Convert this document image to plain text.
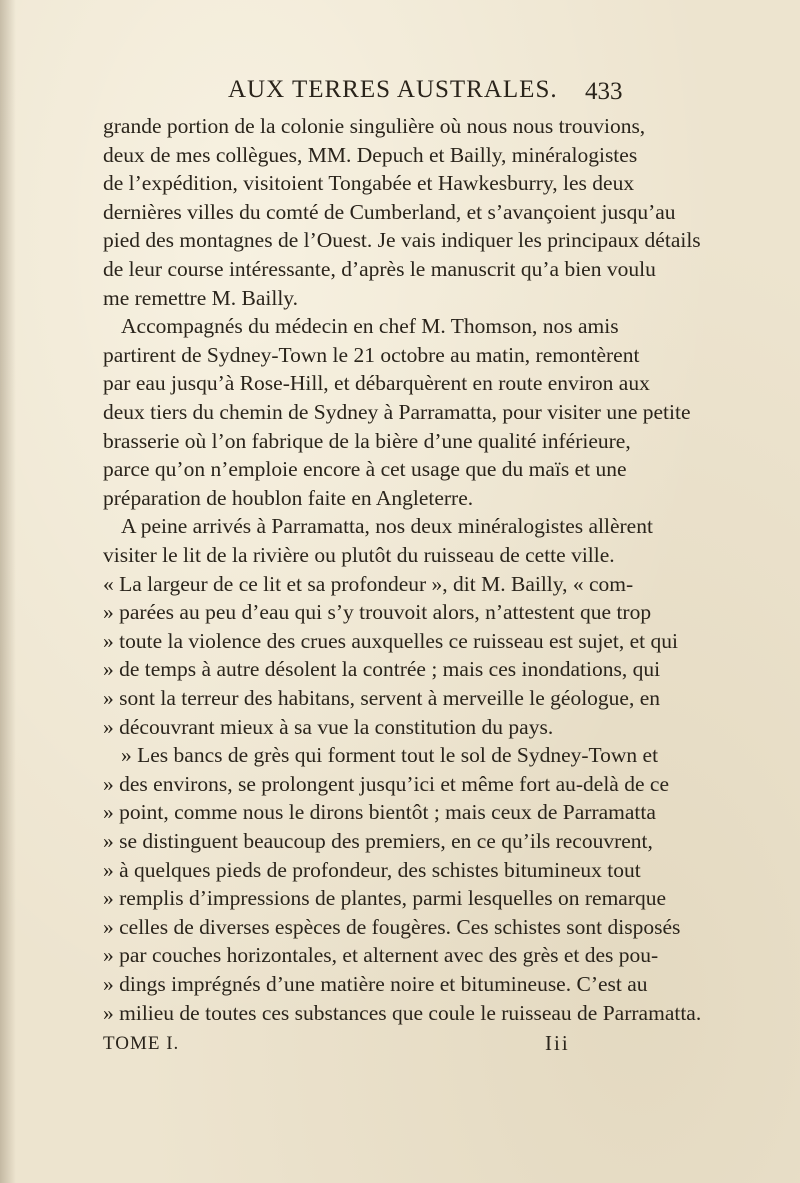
AUX TERRES AUSTRALES. 433
grande portion de la colonie singulière où nous nous trouvions,
deux de mes collègues, MM. Depuch et Bailly, minéralogistes
de l’expédition, visitoient Tongabée et Hawkesburry, les deux
dernières villes du comté de Cumberland, et s’avançoient jusqu’au
pied des montagnes de l’Ouest. Je vais indiquer les principaux détails
de leur course intéressante, d’après le manuscrit qu’a bien voulu
me remettre M. Bailly.
Accompagnés du médecin en chef M. Thomson, nos amis
partirent de Sydney-Town le 21 octobre au matin, remontèrent
par eau jusqu’à Rose-Hill, et débarquèrent en route environ aux
deux tiers du chemin de Sydney à Parramatta, pour visiter une petite
brasserie où l’on fabrique de la bière d’une qualité inférieure,
parce qu’on n’emploie encore à cet usage que du maïs et une
préparation de houblon faite en Angleterre.
A peine arrivés à Parramatta, nos deux minéralogistes allèrent
visiter le lit de la rivière ou plutôt du ruisseau de cette ville.
« La largeur de ce lit et sa profondeur », dit M. Bailly, « com-
» parées au peu d’eau qui s’y trouvoit alors, n’attestent que trop
» toute la violence des crues auxquelles ce ruisseau est sujet, et qui
» de temps à autre désolent la contrée ; mais ces inondations, qui
» sont la terreur des habitans, servent à merveille le géologue, en
» découvrant mieux à sa vue la constitution du pays.
» Les bancs de grès qui forment tout le sol de Sydney-Town et
» des environs, se prolongent jusqu’ici et même fort au-delà de ce
» point, comme nous le dirons bientôt ; mais ceux de Parramatta
» se distinguent beaucoup des premiers, en ce qu’ils recouvrent,
» à quelques pieds de profondeur, des schistes bitumineux tout
» remplis d’impressions de plantes, parmi lesquelles on remarque
» celles de diverses espèces de fougères. Ces schistes sont disposés
» par couches horizontales, et alternent avec des grès et des pou-
» dings imprégnés d’une matière noire et bitumineuse. C’est au
» milieu de toutes ces substances que coule le ruisseau de Parramatta.
TOME I.	Iii
